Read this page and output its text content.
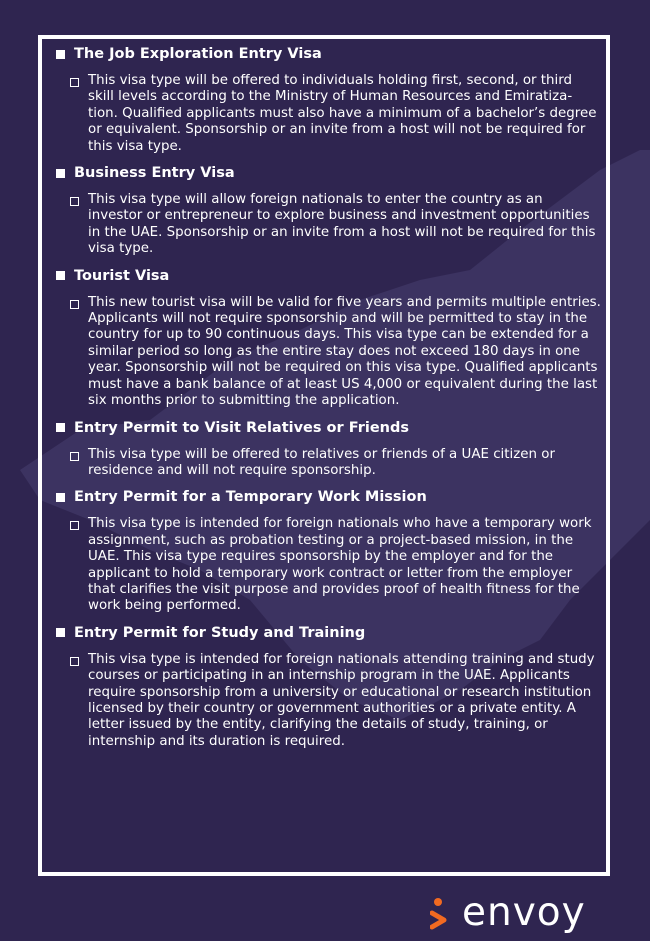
The Job Exploration Entry Visa
This visa type will be offered to individuals holding first, second, or third skill levels according to the Ministry of Human Resources and Emiratiza-tion. Qualified applicants must also have a minimum of a bachelor’s degree or equivalent. Sponsorship or an invite from a host will not be required for this visa type.
Business Entry Visa
This visa type will allow foreign nationals to enter the country as an investor or entrepreneur to explore business and investment opportunities in the UAE. Sponsorship or an invite from a host will not be required for this visa type.
Tourist Visa
This new tourist visa will be valid for five years and permits multiple entries. Applicants will not require sponsorship and will be permitted to stay in the country for up to 90 continuous days. This visa type can be extended for a similar period so long as the entire stay does not exceed 180 days in one year. Sponsorship will not be required on this visa type. Qualified applicants must have a bank balance of at least US 4,000 or equivalent during the last six months prior to submitting the application.
Entry Permit to Visit Relatives or Friends
This visa type will be offered to relatives or friends of a UAE citizen or residence and will not require sponsorship.
Entry Permit for a Temporary Work Mission
This visa type is intended for foreign nationals who have a temporary work assignment, such as probation testing or a project-based mission, in the UAE. This visa type requires sponsorship by the employer and for the applicant to hold a temporary work contract or letter from the employer that clarifies the visit purpose and provides proof of health fitness for the work being performed.
Entry Permit for Study and Training
This visa type is intended for foreign nationals attending training and study courses or participating in an internship program in the UAE. Applicants require sponsorship from a university or educational or research institution licensed by their country or government authorities or a private entity. A letter issued by the entity, clarifying the details of study, training, or internship and its duration is required.
envoy
